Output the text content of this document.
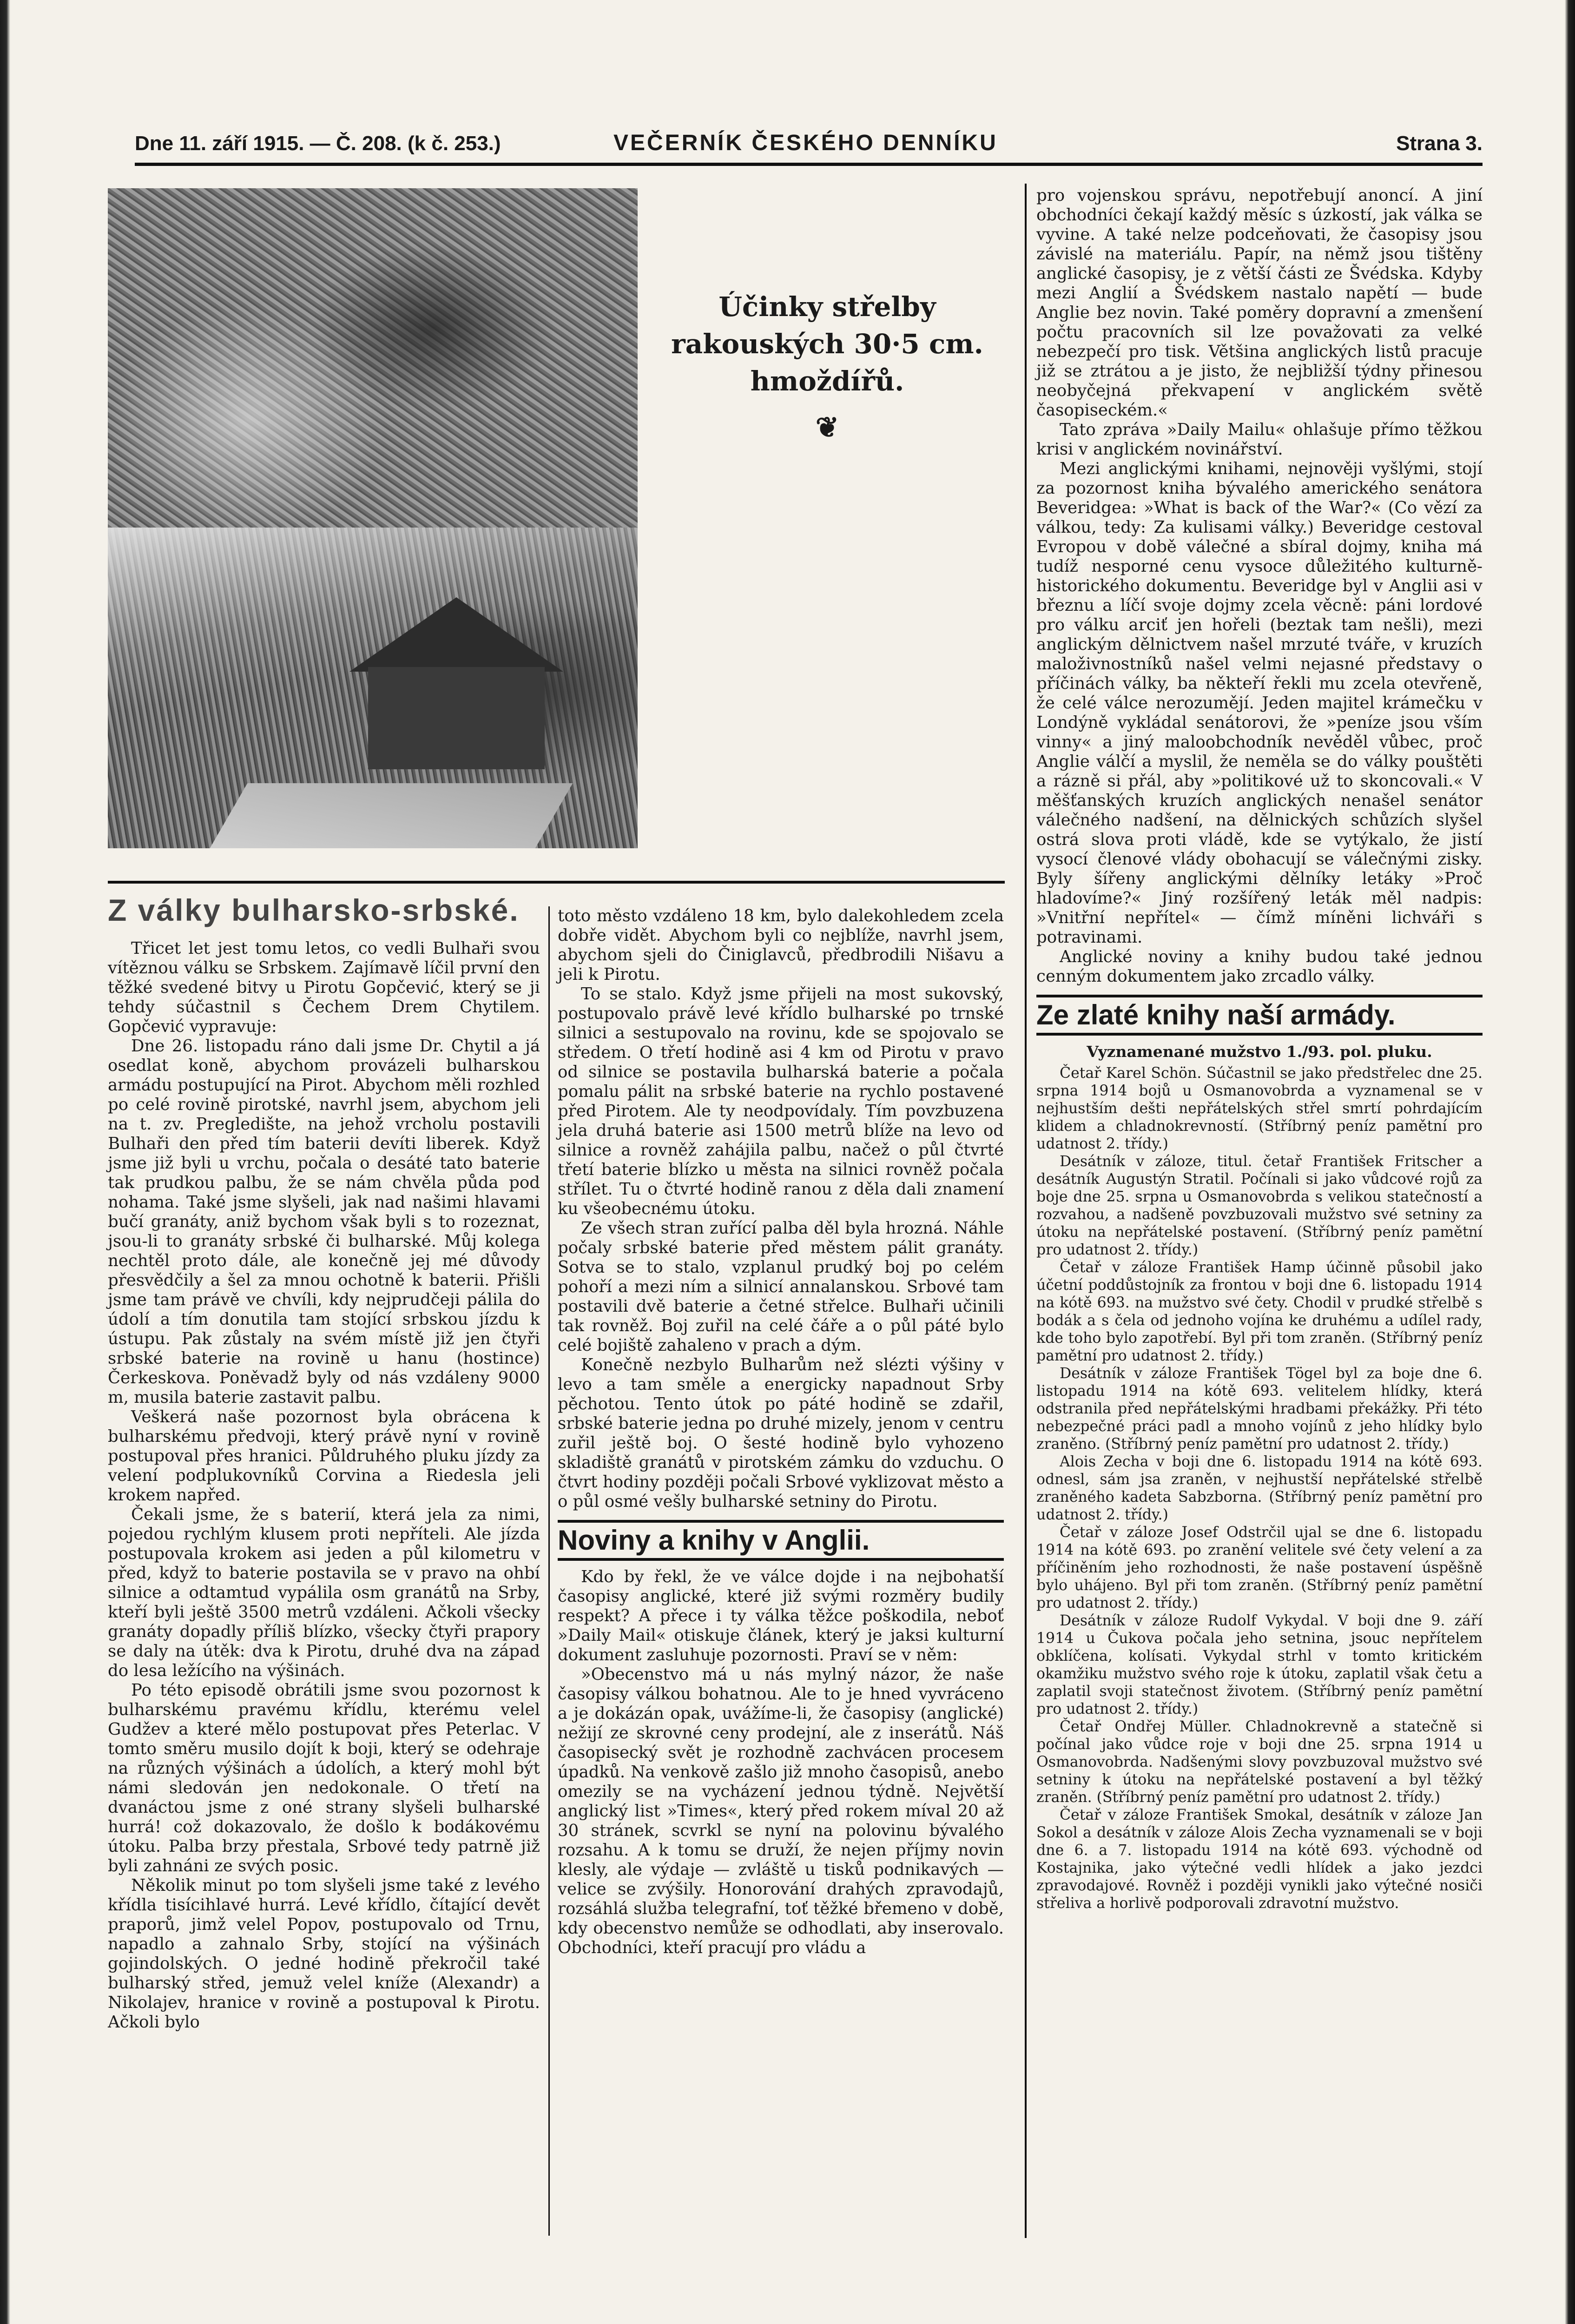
Dne 11. září 1915. — Č. 208. (k č. 253.)	VEČERNÍK ČESKÉHO DENNÍKU	Strana 3.
Účinky střelby
rakouských 30·5 cm.
hmoždířů.
❦
Z války bulharsko-srbské.

Třicet let jest tomu letos, co vedli Bulhaři svou vítěznou válku se Srbskem. Zajímavě líčil první den těžké svedené bitvy u Pirotu Gopčević, který se ji tehdy súčastnil s Čechem Drem Chytilem. Gopčević vypravuje:

Dne 26. listopadu ráno dali jsme Dr. Chytil a já osedlat koně, abychom provázeli bulharskou armádu postupující na Pirot. Abychom měli rozhled po celé rovině pirotské, navrhl jsem, abychom jeli na t. zv. Pregledište, na jehož vrcholu postavili Bulhaři den před tím baterii devíti liberek. Když jsme již byli u vrchu, počala o desáté tato baterie tak prudkou palbu, že se nám chvěla půda pod nohama. Také jsme slyšeli, jak nad našimi hlavami bučí granáty, aniž bychom však byli s to rozeznat, jsou-li to granáty srbské či bulharské. Můj kolega nechtěl proto dále, ale konečně jej mé důvody přesvědčily a šel za mnou ochotně k baterii. Přišli jsme tam právě ve chvíli, kdy nejprudčeji pálila do údolí a tím donutila tam stojící srbskou jízdu k ústupu. Pak zůstaly na svém místě již jen čtyři srbské baterie na rovině u hanu (hostince) Čerkeskova. Poněvadž byly od nás vzdáleny 9000 m, musila baterie zastavit palbu.

Veškerá naše pozornost byla obrácena k bulharskému předvoji, který právě nyní v rovině postupoval přes hranici. Půldruhého pluku jízdy za velení podplukovníků Corvina a Riedesla jeli krokem napřed.

Čekali jsme, že s baterií, která jela za nimi, pojedou rychlým klusem proti nepříteli. Ale jízda postupovala krokem asi jeden a půl kilometru v před, když to baterie postavila se v pravo na ohbí silnice a odtamtud vypálila osm granátů na Srby, kteří byli ještě 3500 metrů vzdáleni. Ačkoli všecky granáty dopadly příliš blízko, všecky čtyři prapory se daly na útěk: dva k Pirotu, druhé dva na západ do lesa ležícího na výšinách.

Po této episodě obrátili jsme svou pozornost k bulharskému pravému křídlu, kterému velel Gudžev a které mělo postupovat přes Peterlac. V tomto směru musilo dojít k boji, který se odehraje na různých výšinách a údolích, a který mohl být námi sledován jen nedokonale. O třetí na dvanáctou jsme z oné strany slyšeli bulharské hurrá! což dokazovalo, že došlo k bodákovému útoku. Palba brzy přestala, Srbové tedy patrně již byli zahnáni ze svých posic.

Několik minut po tom slyšeli jsme také z levého křídla tisícihlavé hurrá. Levé křídlo, čítající devět praporů, jimž velel Popov, postupovalo od Trnu, napadlo a zahnalo Srby, stojící na výšinách gojindolských. O jedné hodině překročil také bulharský střed, jemuž velel kníže (Alexandr) a Nikolajev, hranice v rovině a postupoval k Pirotu. Ačkoli bylo

toto město vzdáleno 18 km, bylo dalekohledem zcela dobře vidět. Abychom byli co nejblíže, navrhl jsem, abychom sjeli do Činiglavců, předbrodili Nišavu a jeli k Pirotu.

To se stalo. Když jsme přijeli na most sukovský, postupovalo právě levé křídlo bulharské po trnské silnici a sestupovalo na rovinu, kde se spojovalo se středem. O třetí hodině asi 4 km od Pirotu v pravo od silnice se postavila bulharská baterie a počala pomalu pálit na srbské baterie na rychlo postavené před Pirotem. Ale ty neodpovídaly. Tím povzbuzena jela druhá baterie asi 1500 metrů blíže na levo od silnice a rovněž zahájila palbu, načež o půl čtvrté třetí baterie blízko u města na silnici rovněž počala střílet. Tu o čtvrté hodině ranou z děla dali znamení ku všeobecnému útoku.

Ze všech stran zuřící palba děl byla hrozná. Náhle počaly srbské baterie před městem pálit granáty. Sotva se to stalo, vzplanul prudký boj po celém pohoří a mezi ním a silnicí annalanskou. Srbové tam postavili dvě baterie a četné střelce. Bulhaři učinili tak rovněž. Boj zuřil na celé čáře a o půl páté bylo celé bojiště zahaleno v prach a dým.

Konečně nezbylo Bulharům než slézti výšiny v levo a tam směle a energicky napadnout Srby pěchotou. Tento útok po páté hodině se zdařil, srbské baterie jedna po druhé mizely, jenom v centru zuřil ještě boj. O šesté hodině bylo vyhozeno skladiště granátů v pirotském zámku do vzduchu. O čtvrt hodiny později počali Srbové vyklizovat město a o půl osmé vešly bulharské setniny do Pirotu.

Noviny a knihy v Anglii.

Kdo by řekl, že ve válce dojde i na nejbohatší časopisy anglické, které již svými rozměry budily respekt? A přece i ty válka těžce poškodila, neboť »Daily Mail« otiskuje článek, který je jaksi kulturní dokument zasluhuje pozornosti. Praví se v něm:

»Obecenstvo má u nás mylný názor, že naše časopisy válkou bohatnou. Ale to je hned vyvráceno a je dokázán opak, uvážíme-li, že časopisy (anglické) nežijí ze skrovné ceny prodejní, ale z inserátů. Náš časopisecký svět je rozhodně zachvácen procesem úpadků. Na venkově zašlo již mnoho časopisů, anebo omezily se na vycházení jednou týdně. Největší anglický list »Times«, který před rokem míval 20 až 30 stránek, scvrkl se nyní na polovinu bývalého rozsahu. A k tomu se druží, že nejen příjmy novin klesly, ale výdaje — zvláště u tisků podnikavých — velice se zvýšily. Honorování drahých zpravodajů, rozsáhlá služba telegrafní, toť těžké břemeno v době, kdy obecenstvo nemůže se odhodlati, aby inserovalo. Obchodníci, kteří pracují pro vládu a

pro vojenskou správu, nepotřebují anoncí. A jiní obchodníci čekají každý měsíc s úzkostí, jak válka se vyvine. A také nelze podceňovati, že časopisy jsou závislé na materiálu. Papír, na němž jsou tištěny anglické časopisy, je z větší části ze Švédska. Kdyby mezi Anglií a Švédskem nastalo napětí — bude Anglie bez novin. Také poměry dopravní a zmenšení počtu pracovních sil lze považovati za velké nebezpečí pro tisk. Většina anglických listů pracuje již se ztrátou a je jisto, že nejbližší týdny přinesou neobyčejná překvapení v anglickém světě časopiseckém.«

Tato zpráva »Daily Mailu« ohlašuje přímo těžkou krisi v anglickém novinářství.

Mezi anglickými knihami, nejnověji vyšlými, stojí za pozornost kniha bývalého amerického senátora Beveridgea: »What is back of the War?« (Co vězí za válkou, tedy: Za kulisami války.) Beveridge cestoval Evropou v době válečné a sbíral dojmy, kniha má tudíž nesporné cenu vysoce důležitého kulturně-historického dokumentu. Beveridge byl v Anglii asi v březnu a líčí svoje dojmy zcela věcně: páni lordové pro válku arciť jen hořeli (beztak tam nešli), mezi anglickým dělnictvem našel mrzuté tváře, v kruzích maloživnostníků našel velmi nejasné představy o příčinách války, ba někteří řekli mu zcela otevřeně, že celé válce nerozumějí. Jeden majitel krámečku v Londýně vykládal senátorovi, že »peníze jsou vším vinny« a jiný maloobchodník nevěděl vůbec, proč Anglie válčí a myslil, že neměla se do války pouštěti a rázně si přál, aby »politikové už to skoncovali.« V měšťanských kruzích anglických nenašel senátor válečného nadšení, na dělnických schůzích slyšel ostrá slova proti vládě, kde se vytýkalo, že jistí vysocí členové vlády obohacují se válečnými zisky. Byly šířeny anglickými dělníky letáky »Proč hladovíme?« Jiný rozšířený leták měl nadpis: »Vnitřní nepřítel« — čímž míněni lichváři s potravinami.

Anglické noviny a knihy budou také jednou cenným dokumentem jako zrcadlo války.

Ze zlaté knihy naší armády.

Vyznamenané mužstvo 1./93. pol. pluku.

Četař Karel Schön. Súčastnil se jako předstřelec dne 25. srpna 1914 bojů u Osmanovobrda a vyznamenal se v nejhustším dešti nepřátelských střel smrtí pohrdajícím klidem a chladnokrevností. (Stříbrný peníz pamětní pro udatnost 2. třídy.)

Desátník v záloze, titul. četař František Fritscher a desátník Augustýn Stratil. Počínali si jako vůdcové rojů za boje dne 25. srpna u Osmanovobrda s velikou statečností a rozvahou, a nadšeně povzbuzovali mužstvo své setniny za útoku na nepřátelské postavení. (Stříbrný peníz pamětní pro udatnost 2. třídy.)

Četař v záloze František Hamp účinně působil jako účetní poddůstojník za frontou v boji dne 6. listopadu 1914 na kótě 693. na mužstvo své čety. Chodil v prudké střelbě s bodák a s čela od jednoho vojína ke druhému a udílel rady, kde toho bylo zapotřebí. Byl při tom zraněn. (Stříbrný peníz pamětní pro udatnost 2. třídy.)

Desátník v záloze František Tögel byl za boje dne 6. listopadu 1914 na kótě 693. velitelem hlídky, která odstranila před nepřátelskými hradbami překážky. Při této nebezpečné práci padl a mnoho vojínů z jeho hlídky bylo zraněno. (Stříbrný peníz pamětní pro udatnost 2. třídy.)

Alois Zecha v boji dne 6. listopadu 1914 na kótě 693. odnesl, sám jsa zraněn, v nejhustší nepřátelské střelbě zraněného kadeta Sabzborna. (Stříbrný peníz pamětní pro udatnost 2. třídy.)

Četař v záloze Josef Odstrčil ujal se dne 6. listopadu 1914 na kótě 693. po zranění velitele své čety velení a za příčiněním jeho rozhodnosti, že naše postavení úspěšně bylo uhájeno. Byl při tom zraněn. (Stříbrný peníz pamětní pro udatnost 2. třídy.)

Desátník v záloze Rudolf Vykydal. V boji dne 9. září 1914 u Čukova počala jeho setnina, jsouc nepřítelem obklíčena, kolísati. Vykydal strhl v tomto kritickém okamžiku mužstvo svého roje k útoku, zaplatil však četu a zaplatil svoji statečnost životem. (Stříbrný peníz pamětní pro udatnost 2. třídy.)

Četař Ondřej Müller. Chladnokrevně a statečně si počínal jako vůdce roje v boji dne 25. srpna 1914 u Osmanovobrda. Nadšenými slovy povzbuzoval mužstvo své setniny k útoku na nepřátelské postavení a byl těžký zraněn. (Stříbrný peníz pamětní pro udatnost 2. třídy.)

Četař v záloze František Smokal, desátník v záloze Jan Sokol a desátník v záloze Alois Zecha vyznamenali se v boji dne 6. a 7. listopadu 1914 na kótě 693. východně od Kostajnika, jako výtečné vedli hlídek a jako jezdci zpravodajové. Rovněž i později vynikli jako výtečné nosiči střeliva a horlivě podporovali zdravotní mužstvo.
